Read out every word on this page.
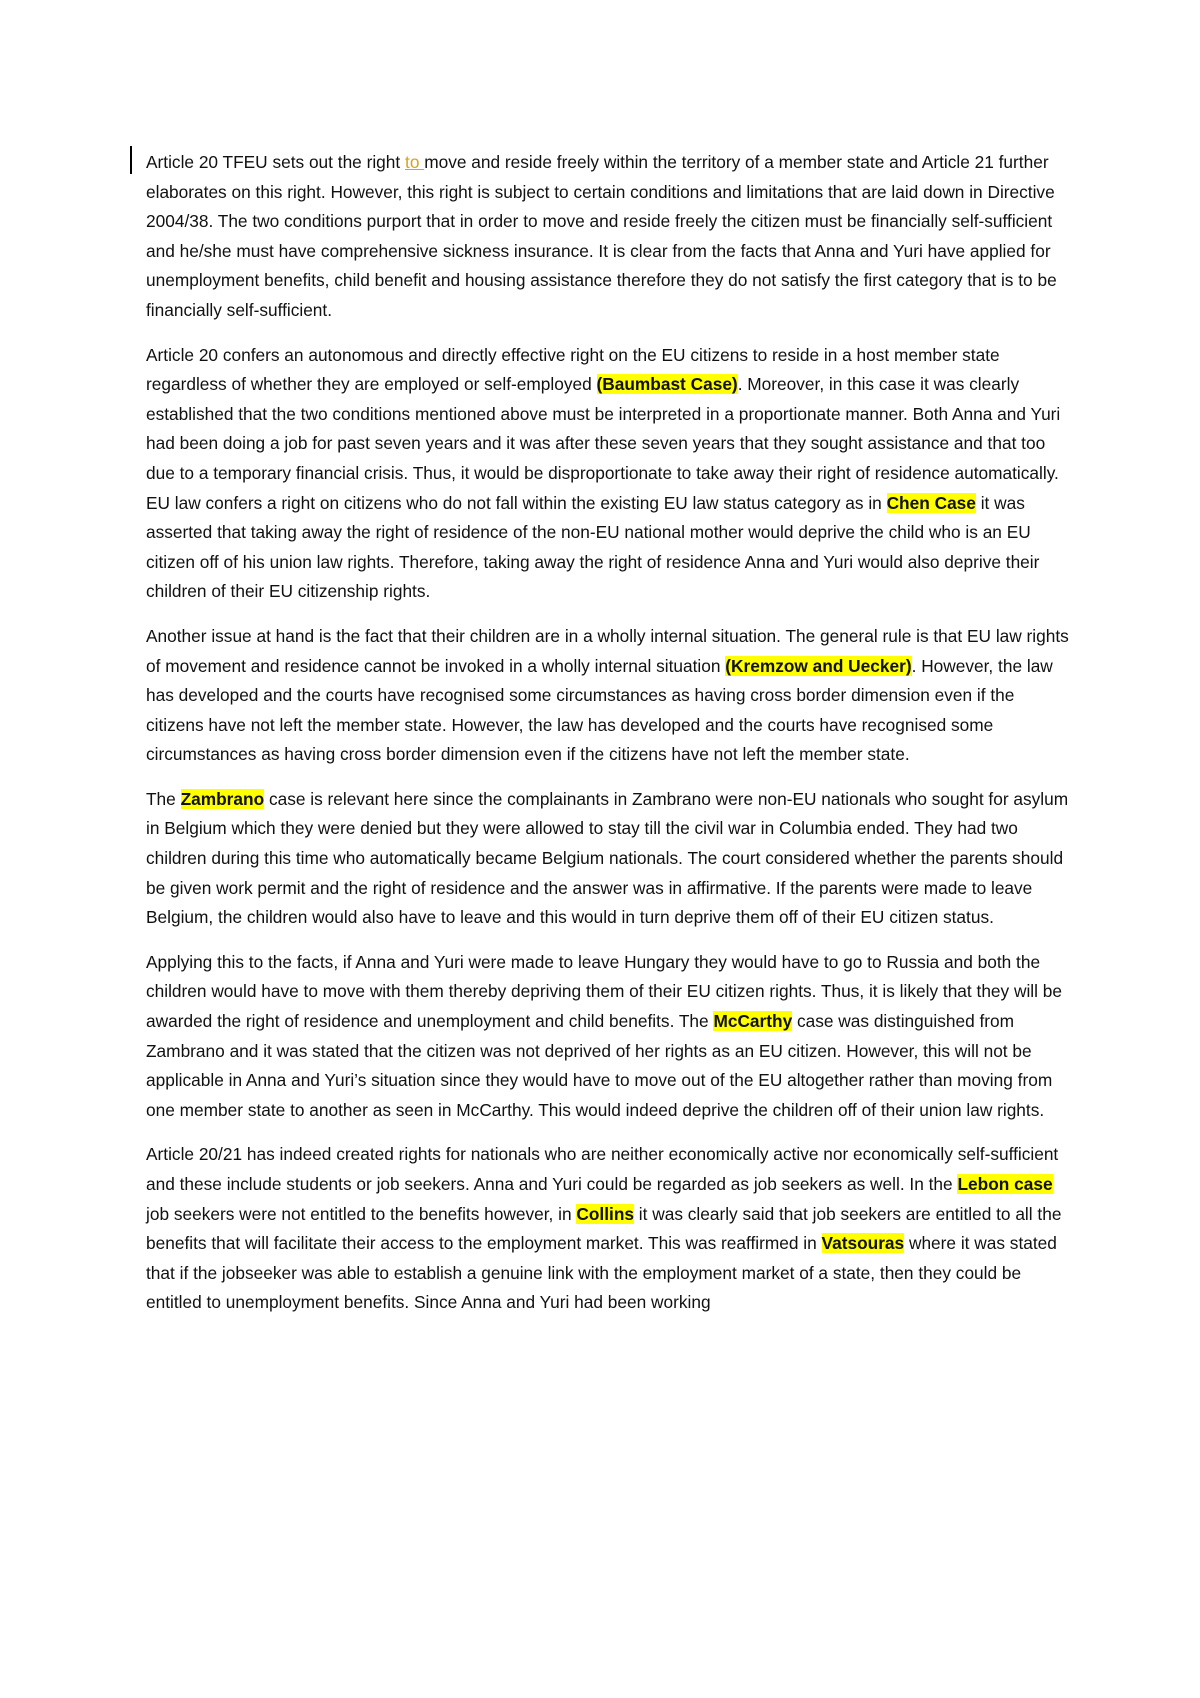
Article 20 TFEU sets out the right to move and reside freely within the territory of a member state and Article 21 further elaborates on this right. However, this right is subject to certain conditions and limitations that are laid down in Directive 2004/38. The two conditions purport that in order to move and reside freely the citizen must be financially self-sufficient and he/she must have comprehensive sickness insurance. It is clear from the facts that Anna and Yuri have applied for unemployment benefits, child benefit and housing assistance therefore they do not satisfy the first category that is to be financially self-sufficient.

Article 20 confers an autonomous and directly effective right on the EU citizens to reside in a host member state regardless of whether they are employed or self-employed (Baumbast Case). Moreover, in this case it was clearly established that the two conditions mentioned above must be interpreted in a proportionate manner. Both Anna and Yuri had been doing a job for past seven years and it was after these seven years that they sought assistance and that too due to a temporary financial crisis. Thus, it would be disproportionate to take away their right of residence automatically. EU law confers a right on citizens who do not fall within the existing EU law status category as in Chen Case it was asserted that taking away the right of residence of the non-EU national mother would deprive the child who is an EU citizen off of his union law rights. Therefore, taking away the right of residence Anna and Yuri would also deprive their children of their EU citizenship rights.

Another issue at hand is the fact that their children are in a wholly internal situation. The general rule is that EU law rights of movement and residence cannot be invoked in a wholly internal situation (Kremzow and Uecker). However, the law has developed and the courts have recognised some circumstances as having cross border dimension even if the citizens have not left the member state. However, the law has developed and the courts have recognised some circumstances as having cross border dimension even if the citizens have not left the member state.

The Zambrano case is relevant here since the complainants in Zambrano were non-EU nationals who sought for asylum in Belgium which they were denied but they were allowed to stay till the civil war in Columbia ended. They had two children during this time who automatically became Belgium nationals. The court considered whether the parents should be given work permit and the right of residence and the answer was in affirmative. If the parents were made to leave Belgium, the children would also have to leave and this would in turn deprive them off of their EU citizen status.

Applying this to the facts, if Anna and Yuri were made to leave Hungary they would have to go to Russia and both the children would have to move with them thereby depriving them of their EU citizen rights. Thus, it is likely that they will be awarded the right of residence and unemployment and child benefits. The McCarthy case was distinguished from Zambrano and it was stated that the citizen was not deprived of her rights as an EU citizen. However, this will not be applicable in Anna and Yuri’s situation since they would have to move out of the EU altogether rather than moving from one member state to another as seen in McCarthy. This would indeed deprive the children off of their union law rights.

Article 20/21 has indeed created rights for nationals who are neither economically active nor economically self-sufficient and these include students or job seekers. Anna and Yuri could be regarded as job seekers as well. In the Lebon case job seekers were not entitled to the benefits however, in Collins it was clearly said that job seekers are entitled to all the benefits that will facilitate their access to the employment market. This was reaffirmed in Vatsouras where it was stated that if the jobseeker was able to establish a genuine link with the employment market of a state, then they could be entitled to unemployment benefits. Since Anna and Yuri had been working
